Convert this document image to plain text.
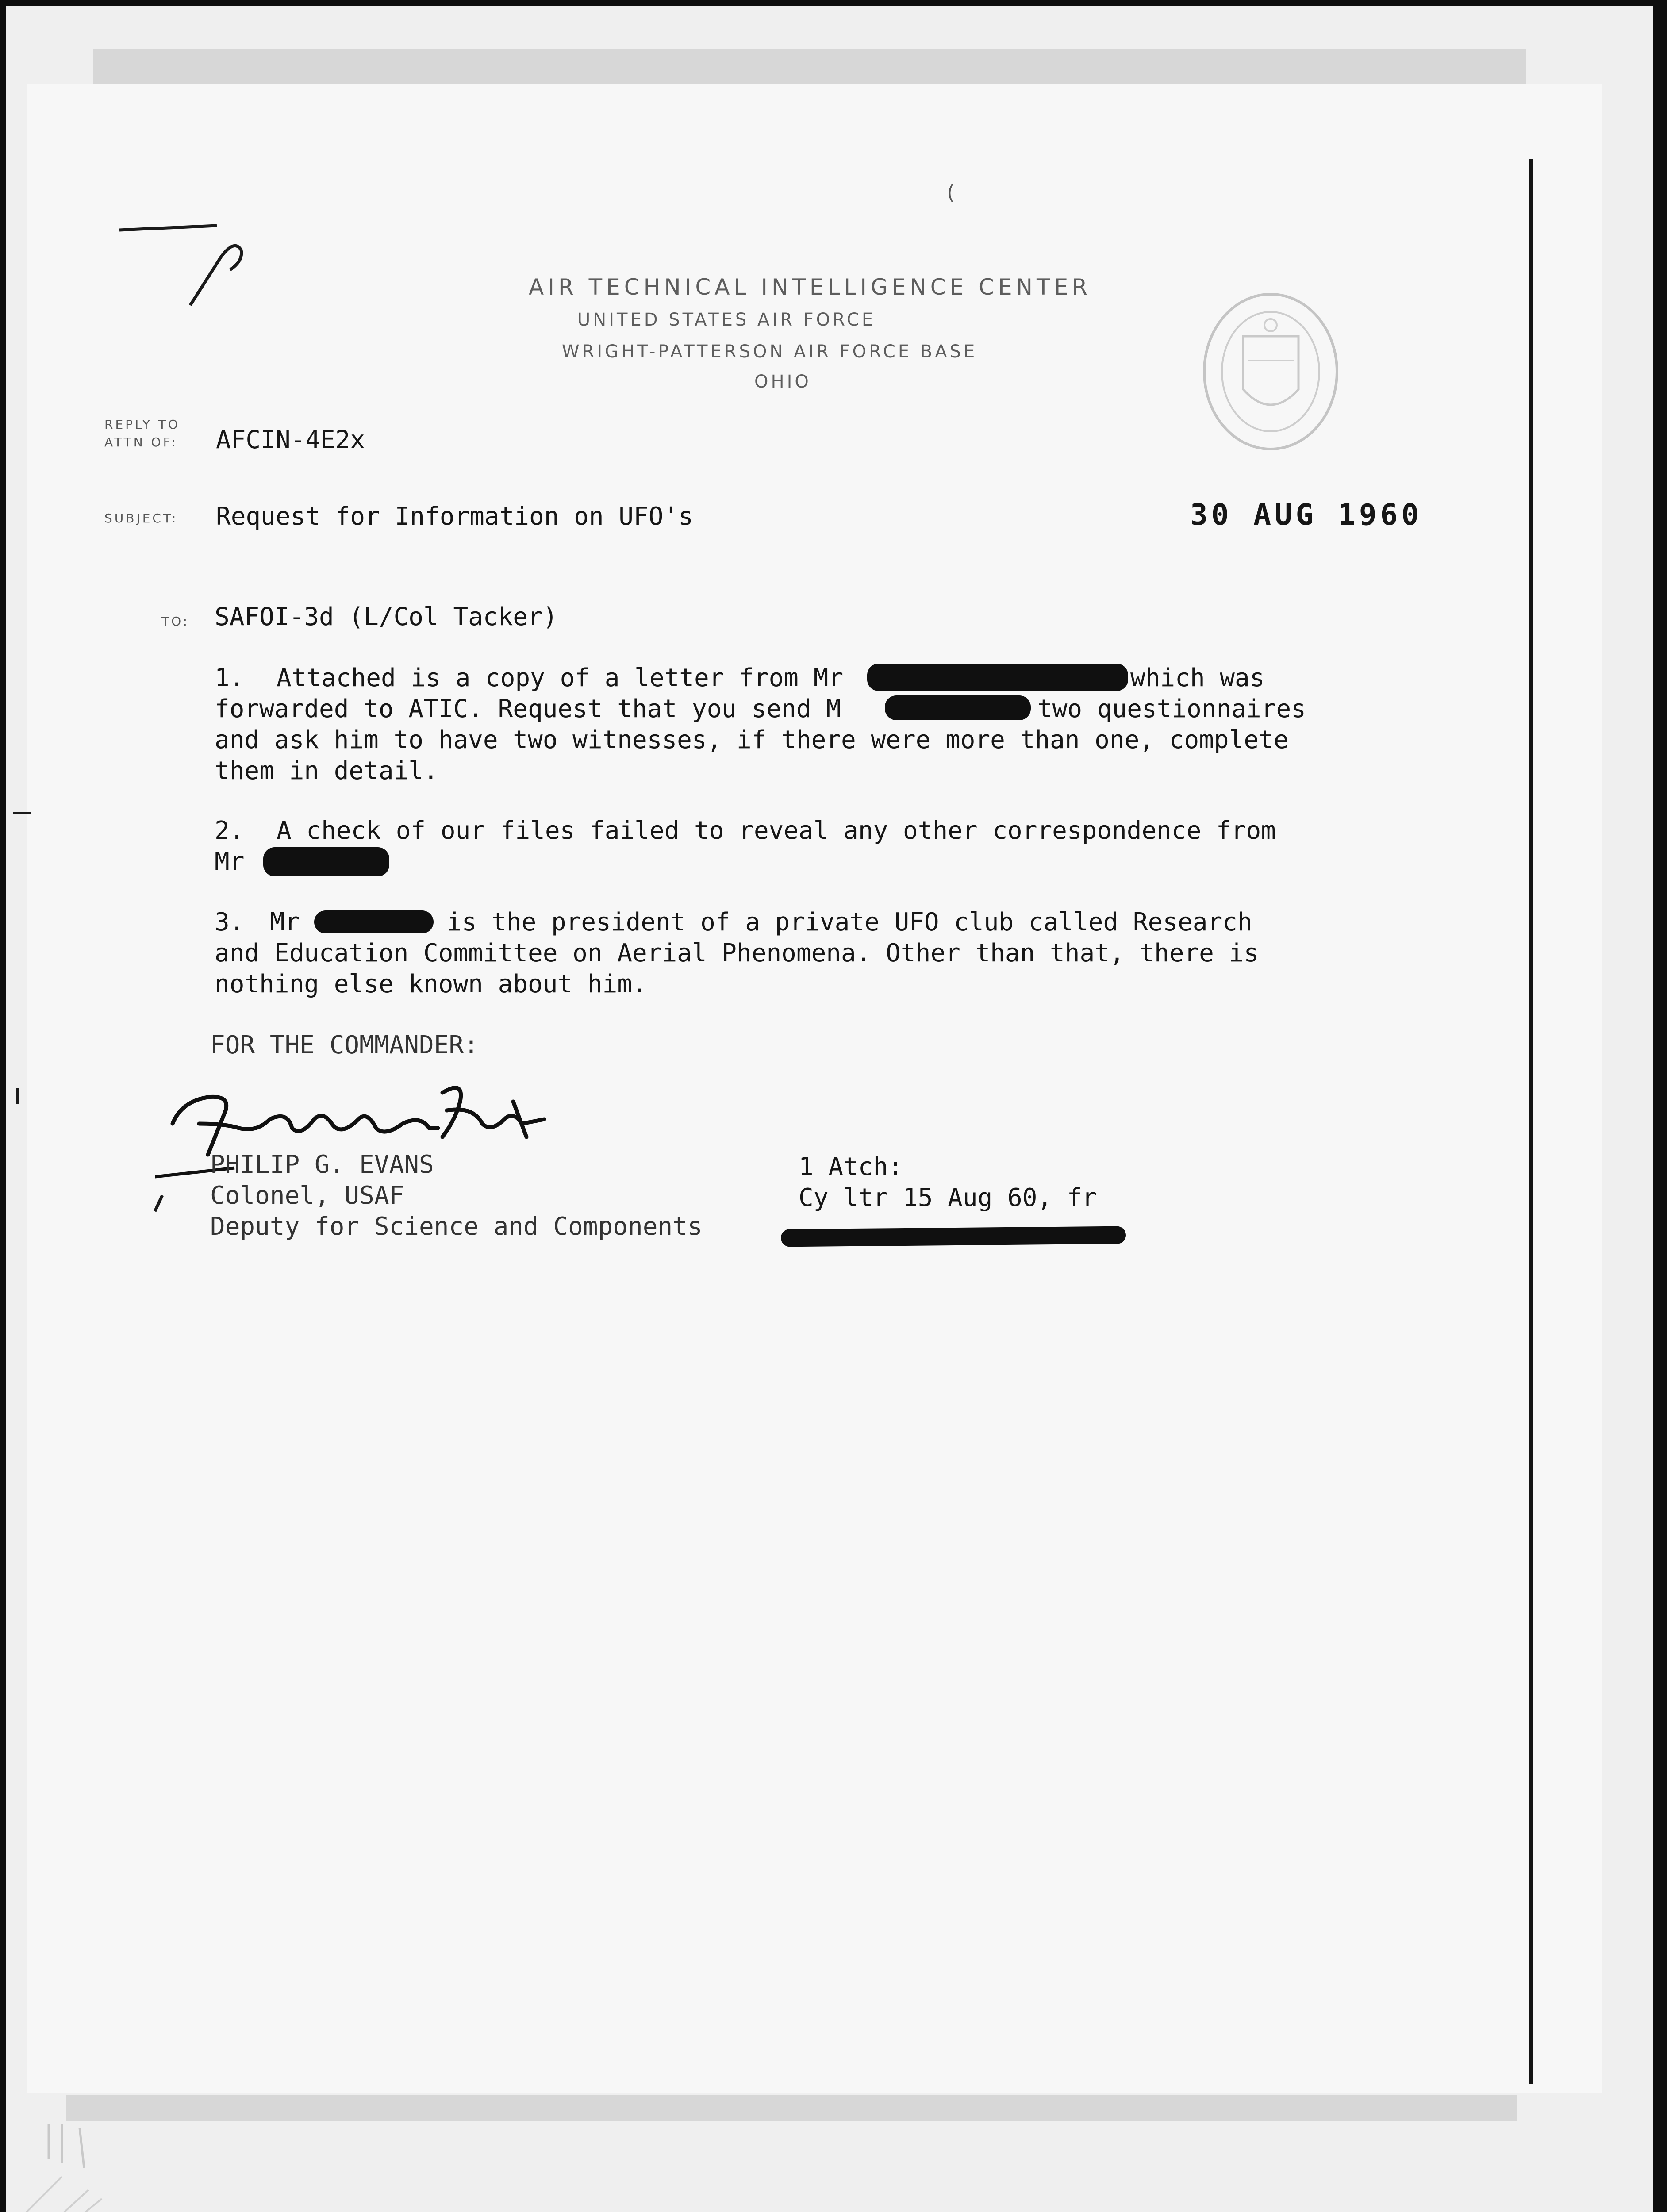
(
AIR TECHNICAL INTELLIGENCE CENTER
UNITED STATES AIR FORCE
WRIGHT-PATTERSON AIR FORCE BASE
OHIO
REPLY TO
ATTN OF: AFCIN-4E2x
SUBJECT: Request for Information on UFO's	30 AUG 1960
TO: SAFOI-3d (L/Col Tacker)
1. Attached is a copy of a letter from Mr	which was
forwarded to ATIC. Request that you send M	two questionnaires
and ask him to have two witnesses, if there were more than one, complete
them in detail.
2. A check of our files failed to reveal any other correspondence from
Mr
3. Mr	is the president of a private UFO club called Research
and Education Committee on Aerial Phenomena. Other than that, there is
nothing else known about him.
FOR THE COMMANDER:
PHILIP G. EVANS
Colonel, USAF
Deputy for Science and Components
1 Atch:
Cy ltr 15 Aug 60, fr
